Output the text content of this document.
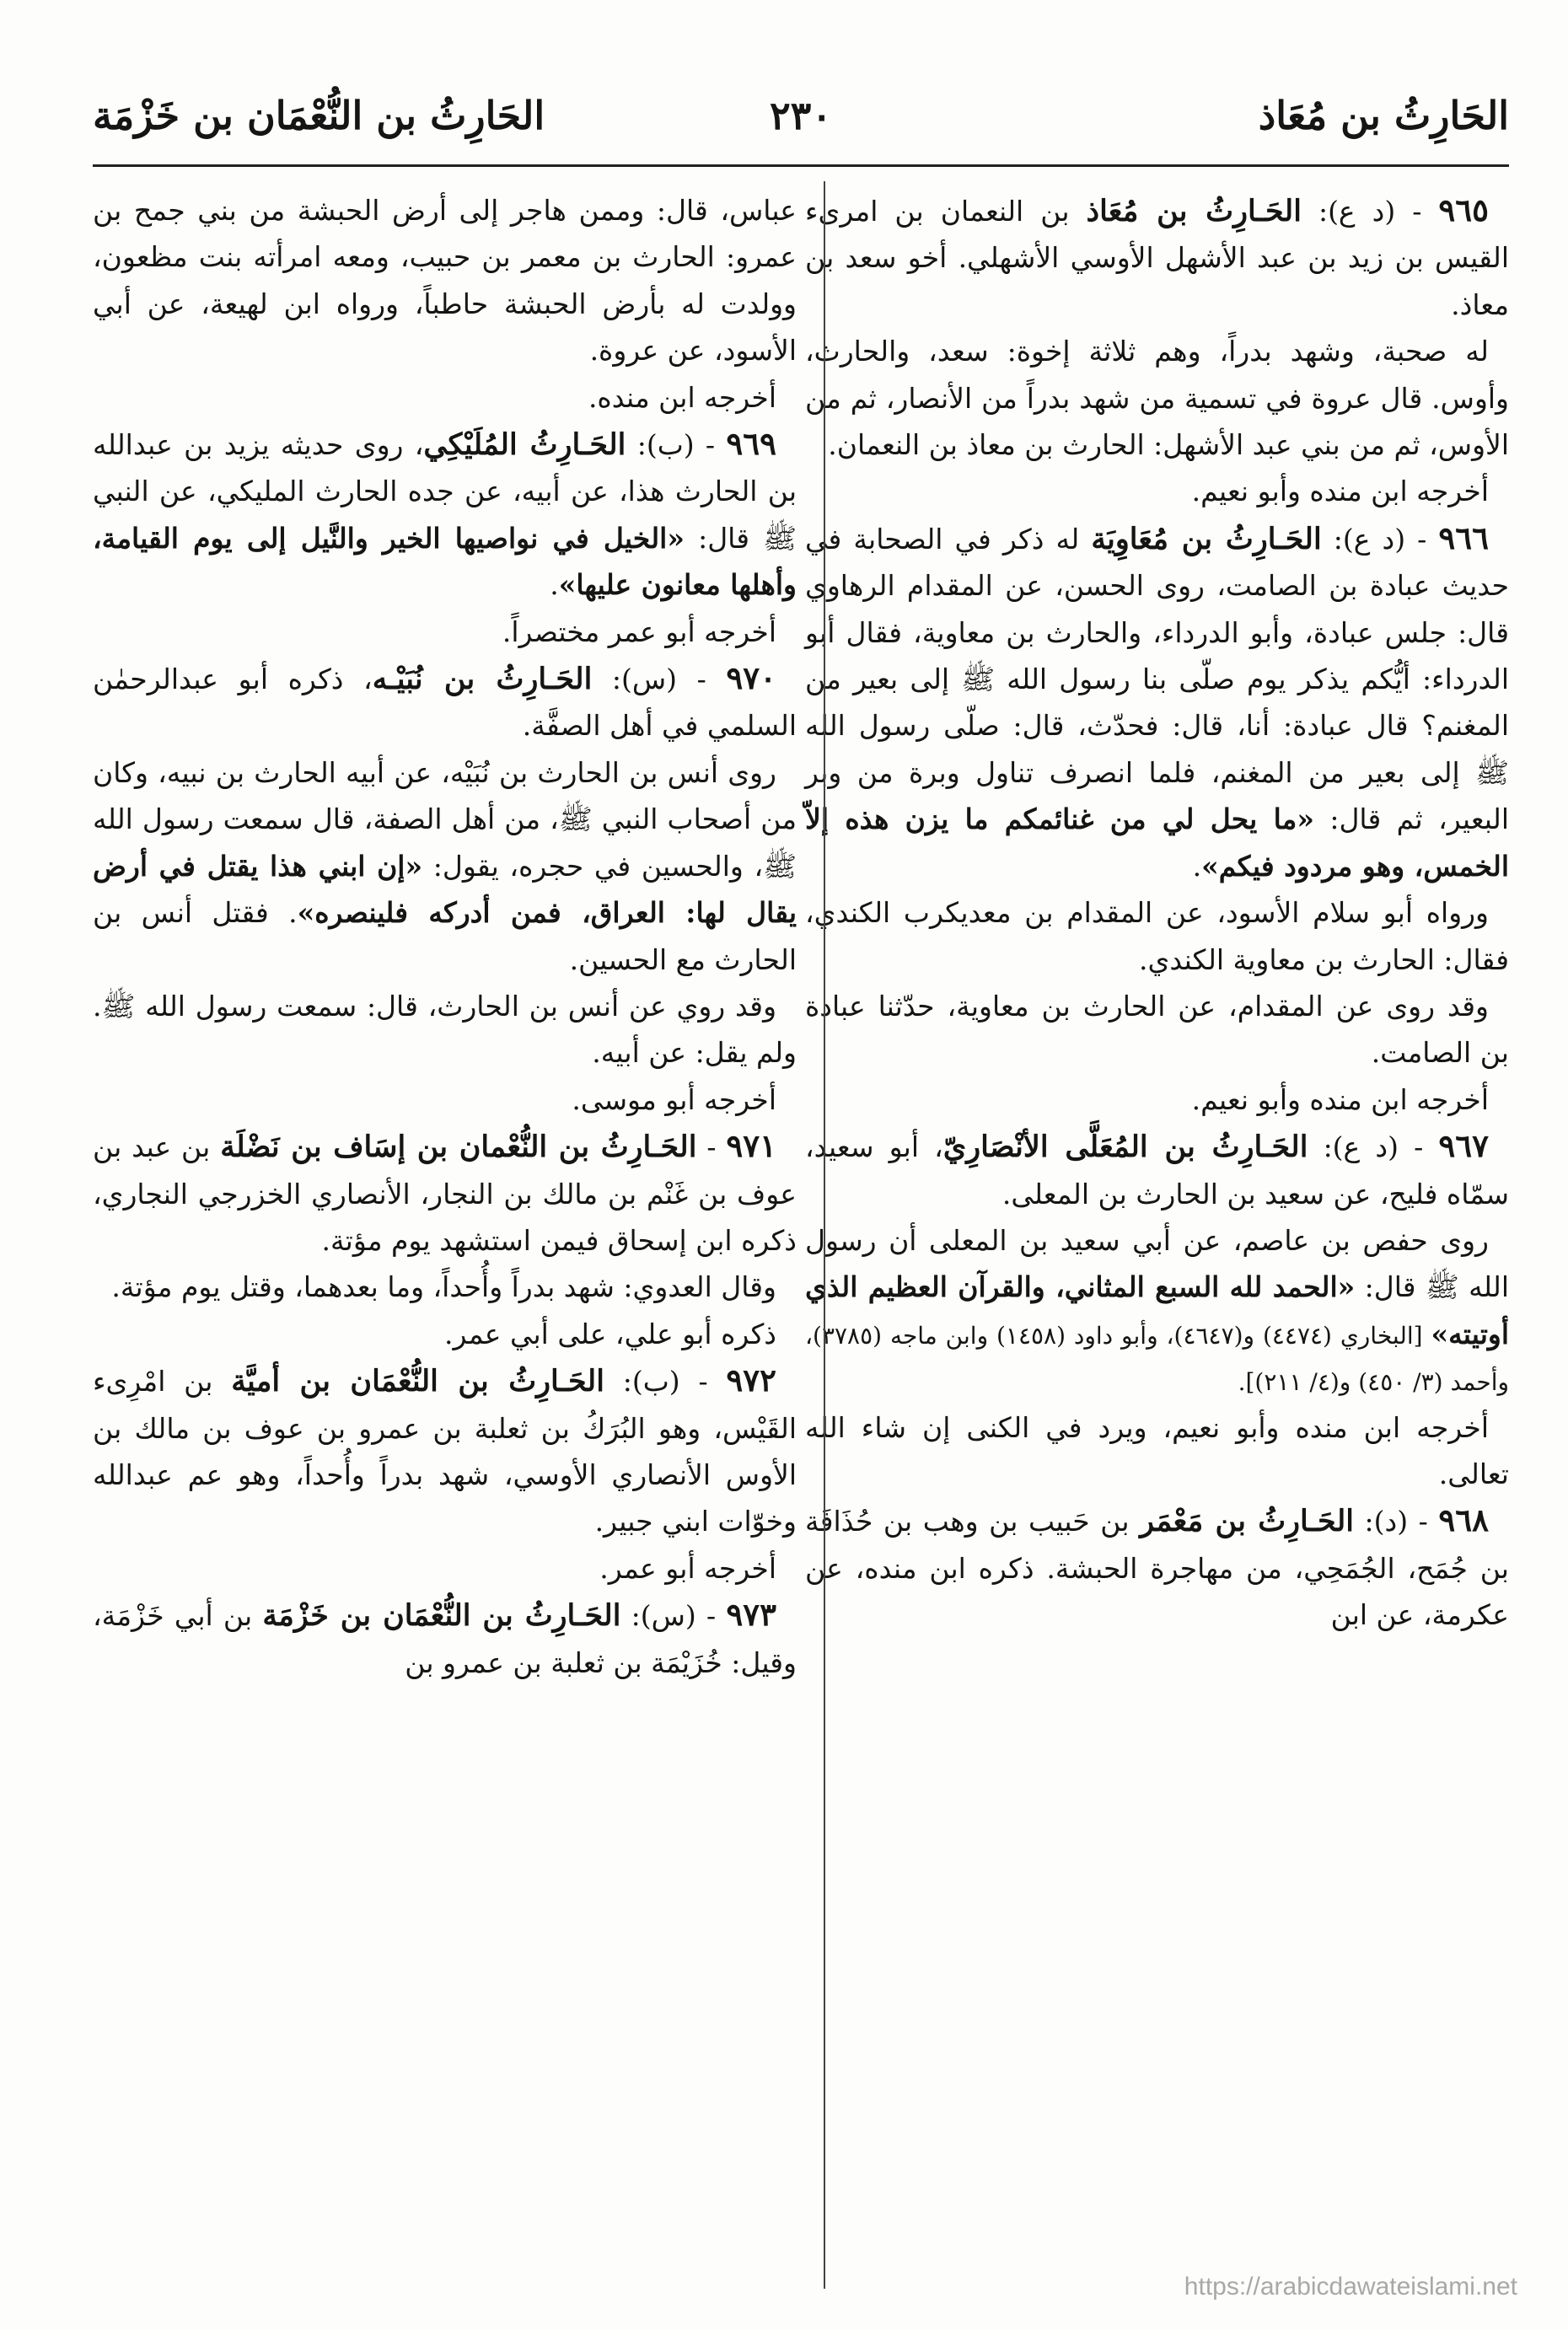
الحَارِثُ بن مُعَاذ
٢٣٠
الحَارِثُ بن النُّعْمَان بن خَزْمَة

٩٦٥ - (د ع): الحَـارِثُ بن مُعَاذ بن النعمان بن امرىء القيس بن زيد بن عبد الأشهل الأوسي الأشهلي. أخو سعد بن معاذ.

له صحبة، وشهد بدراً، وهم ثلاثة إخوة: سعد، والحارث، وأوس. قال عروة في تسمية من شهد بدراً من الأنصار، ثم من الأوس، ثم من بني عبد الأشهل: الحارث بن معاذ بن النعمان.

أخرجه ابن منده وأبو نعيم.

٩٦٦ - (د ع): الحَـارِثُ بن مُعَاوِيَة له ذكر في الصحابة في حديث عبادة بن الصامت، روى الحسن، عن المقدام الرهاوي قال: جلس عبادة، وأبو الدرداء، والحارث بن معاوية، فقال أبو الدرداء: أيُّكم يذكر يوم صلّى بنا رسول الله ﷺ إلى بعير من المغنم؟ قال عبادة: أنا، قال: فحدّث، قال: صلّى رسول الله ﷺ إلى بعير من المغنم، فلما انصرف تناول وبرة من وبر البعير، ثم قال: «ما يحل لي من غنائمكم ما يزن هذه إلاّ الخمس، وهو مردود فيكم».

ورواه أبو سلام الأسود، عن المقدام بن معديكرب الكندي، فقال: الحارث بن معاوية الكندي.

وقد روى عن المقدام، عن الحارث بن معاوية، حدّثنا عبادة بن الصامت.

أخرجه ابن منده وأبو نعيم.

٩٦٧ - (د ع): الحَـارِثُ بن المُعَلَّى الأنْصَارِيّ، أبو سعيد، سمّاه فليح، عن سعيد بن الحارث بن المعلى.

روى حفص بن عاصم، عن أبي سعيد بن المعلى أن رسول الله ﷺ قال: «الحمد لله السبع المثاني، والقرآن العظيم الذي أوتيته» [البخاري (٤٤٧٤) و(٤٦٤٧)، وأبو داود (١٤٥٨) وابن ماجه (٣٧٨٥)، وأحمد (٣/ ٤٥٠) و(٤/ ٢١١)].

أخرجه ابن منده وأبو نعيم، ويرد في الكنى إن شاء الله تعالى.

٩٦٨ - (د): الحَـارِثُ بن مَعْمَر بن حَبيب بن وهب بن حُذَافَة بن جُمَح، الجُمَحِي، من مهاجرة الحبشة. ذكره ابن منده، عن عكرمة، عن ابن

عباس، قال: وممن هاجر إلى أرض الحبشة من بني جمح بن عمرو: الحارث بن معمر بن حبيب، ومعه امرأته بنت مظعون، وولدت له بأرض الحبشة حاطباً، ورواه ابن لهيعة، عن أبي الأسود، عن عروة.

أخرجه ابن منده.

٩٦٩ - (ب): الحَـارِثُ المُلَيْكِي، روى حديثه يزيد بن عبدالله بن الحارث هذا، عن أبيه، عن جده الحارث المليكي، عن النبي ﷺ قال: «الخيل في نواصيها الخير والنَّيل إلى يوم القيامة، وأهلها معانون عليها».

أخرجه أبو عمر مختصراً.

٩٧٠ - (س): الحَـارِثُ بن نُبَيْـه، ذكره أبو عبدالرحمٰن السلمي في أهل الصفَّة.

روى أنس بن الحارث بن نُبَيْه، عن أبيه الحارث بن نبيه، وكان من أصحاب النبي ﷺ، من أهل الصفة، قال سمعت رسول الله ﷺ، والحسين في حجره، يقول: «إن ابني هذا يقتل في أرض يقال لها: العراق، فمن أدركه فلينصره». فقتل أنس بن الحارث مع الحسين.

وقد روي عن أنس بن الحارث، قال: سمعت رسول الله ﷺ. ولم يقل: عن أبيه.

أخرجه أبو موسى.

٩٧١ - الحَـارِثُ بن النُّعْمان بن إسَاف بن نَضْلَة بن عبد بن عوف بن غَنْم بن مالك بن النجار، الأنصاري الخزرجي النجاري، ذكره ابن إسحاق فيمن استشهد يوم مؤتة.

وقال العدوي: شهد بدراً وأُحداً، وما بعدهما، وقتل يوم مؤتة.

ذكره أبو علي، على أبي عمر.

٩٧٢ - (ب): الحَـارِثُ بن النُّعْمَان بن أميَّة بن امْرِىء القَيْس، وهو البُرَكُ بن ثعلبة بن عمرو بن عوف بن مالك بن الأوس الأنصاري الأوسي، شهد بدراً وأُحداً، وهو عم عبدالله وخوّات ابني جبير.

أخرجه أبو عمر.

٩٧٣ - (س): الحَـارِثُ بن النُّعْمَان بن خَزْمَة بن أبي خَزْمَة، وقيل: خُزَيْمَة بن ثعلبة بن عمرو بن

https://arabicdawateislami.net
